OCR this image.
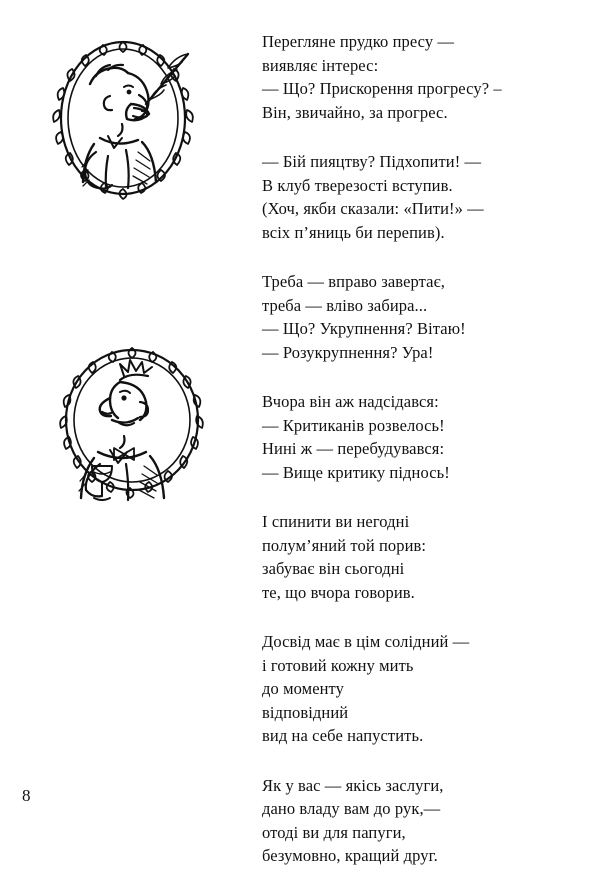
Перегляне прудко пресу —
виявляє інтерес:
— Що? Прискорення прогресу? –
Він, звичайно, за прогрес.
— Бій пияцтву? Підхопити! —
В клуб тверезості вступив.
(Хоч, якби сказали: «Пити!» —
всіх п’яниць би перепив).
Треба — вправо завертає,
треба — вліво забира...
— Що? Укрупнення? Вітаю!
— Розукрупнення? Ура!
Вчора він аж надсідався:
— Критиканів розвелось!
Нині ж — перебудувався:
— Вище критику піднось!
І спинити ви негодні
полум’яний той порив:
забуває він сьогодні
те, що вчора говорив.
Досвід має в цім солідний —
і готовий кожну мить
до моменту
відповідний
вид на себе напустить.
Як у вас — якісь заслуги,
дано владу вам до рук,—
отоді ви для папуги,
безумовно, кращий друг.
8
